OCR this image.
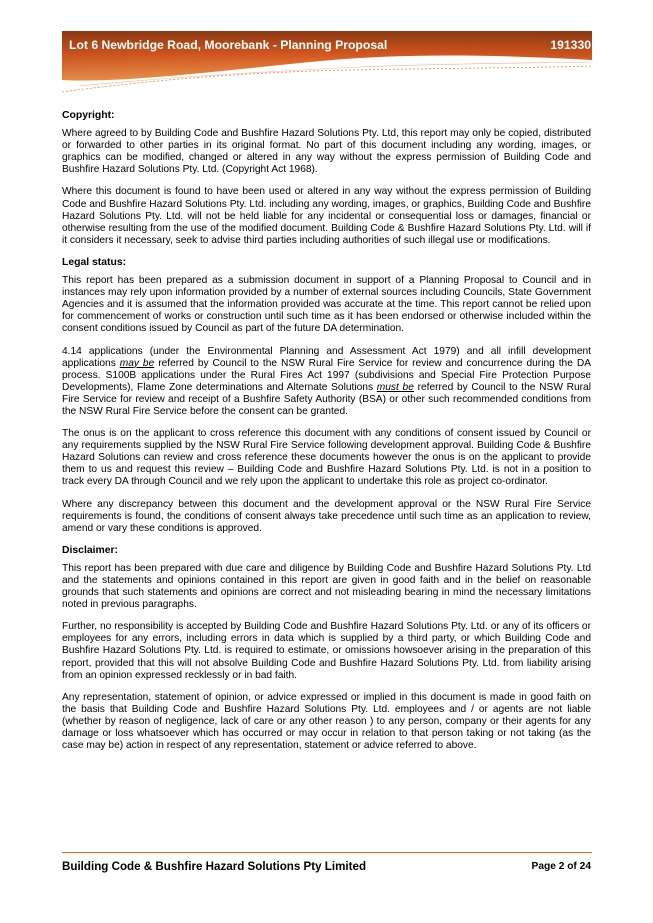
Lot 6 Newbridge Road, Moorebank - Planning Proposal	191330
Copyright:

Where agreed to by Building Code and Bushfire Hazard Solutions Pty. Ltd, this report may only be copied, distributed or forwarded to other parties in its original format. No part of this document including any wording, images, or graphics can be modified, changed or altered in any way without the express permission of Building Code and Bushfire Hazard Solutions Pty. Ltd. (Copyright Act 1968).

Where this document is found to have been used or altered in any way without the express permission of Building Code and Bushfire Hazard Solutions Pty. Ltd. including any wording, images, or graphics, Building Code and Bushfire Hazard Solutions Pty. Ltd. will not be held liable for any incidental or consequential loss or damages, financial or otherwise resulting from the use of the modified document. Building Code & Bushfire Hazard Solutions Pty. Ltd. will if it considers it necessary, seek to advise third parties including authorities of such illegal use or modifications.

Legal status:

This report has been prepared as a submission document in support of a Planning Proposal to Council and in instances may rely upon information provided by a number of external sources including Councils, State Government Agencies and it is assumed that the information provided was accurate at the time. This report cannot be relied upon for commencement of works or construction until such time as it has been endorsed or otherwise included within the consent conditions issued by Council as part of the future DA determination.

4.14 applications (under the Environmental Planning and Assessment Act 1979) and all infill development applications may be referred by Council to the NSW Rural Fire Service for review and concurrence during the DA process. S100B applications under the Rural Fires Act 1997 (subdivisions and Special Fire Protection Purpose Developments), Flame Zone determinations and Alternate Solutions must be referred by Council to the NSW Rural Fire Service for review and receipt of a Bushfire Safety Authority (BSA) or other such recommended conditions from the NSW Rural Fire Service before the consent can be granted.

The onus is on the applicant to cross reference this document with any conditions of consent issued by Council or any requirements supplied by the NSW Rural Fire Service following development approval. Building Code & Bushfire Hazard Solutions can review and cross reference these documents however the onus is on the applicant to provide them to us and request this review – Building Code and Bushfire Hazard Solutions Pty. Ltd. is not in a position to track every DA through Council and we rely upon the applicant to undertake this role as project co-ordinator.

Where any discrepancy between this document and the development approval or the NSW Rural Fire Service requirements is found, the conditions of consent always take precedence until such time as an application to review, amend or vary these conditions is approved.

Disclaimer:

This report has been prepared with due care and diligence by Building Code and Bushfire Hazard Solutions Pty. Ltd and the statements and opinions contained in this report are given in good faith and in the belief on reasonable grounds that such statements and opinions are correct and not misleading bearing in mind the necessary limitations noted in previous paragraphs.

Further, no responsibility is accepted by Building Code and Bushfire Hazard Solutions Pty. Ltd. or any of its officers or employees for any errors, including errors in data which is supplied by a third party, or which Building Code and Bushfire Hazard Solutions Pty. Ltd. is required to estimate, or omissions howsoever arising in the preparation of this report, provided that this will not absolve Building Code and Bushfire Hazard Solutions Pty. Ltd. from liability arising from an opinion expressed recklessly or in bad faith.

Any representation, statement of opinion, or advice expressed or implied in this document is made in good faith on the basis that Building Code and Bushfire Hazard Solutions Pty. Ltd. employees and / or agents are not liable (whether by reason of negligence, lack of care or any other reason ) to any person, company or their agents for any damage or loss whatsoever which has occurred or may occur in relation to that person taking or not taking (as the case may be) action in respect of any representation, statement or advice referred to above.

Building Code & Bushfire Hazard Solutions Pty Limited	Page 2 of 24
